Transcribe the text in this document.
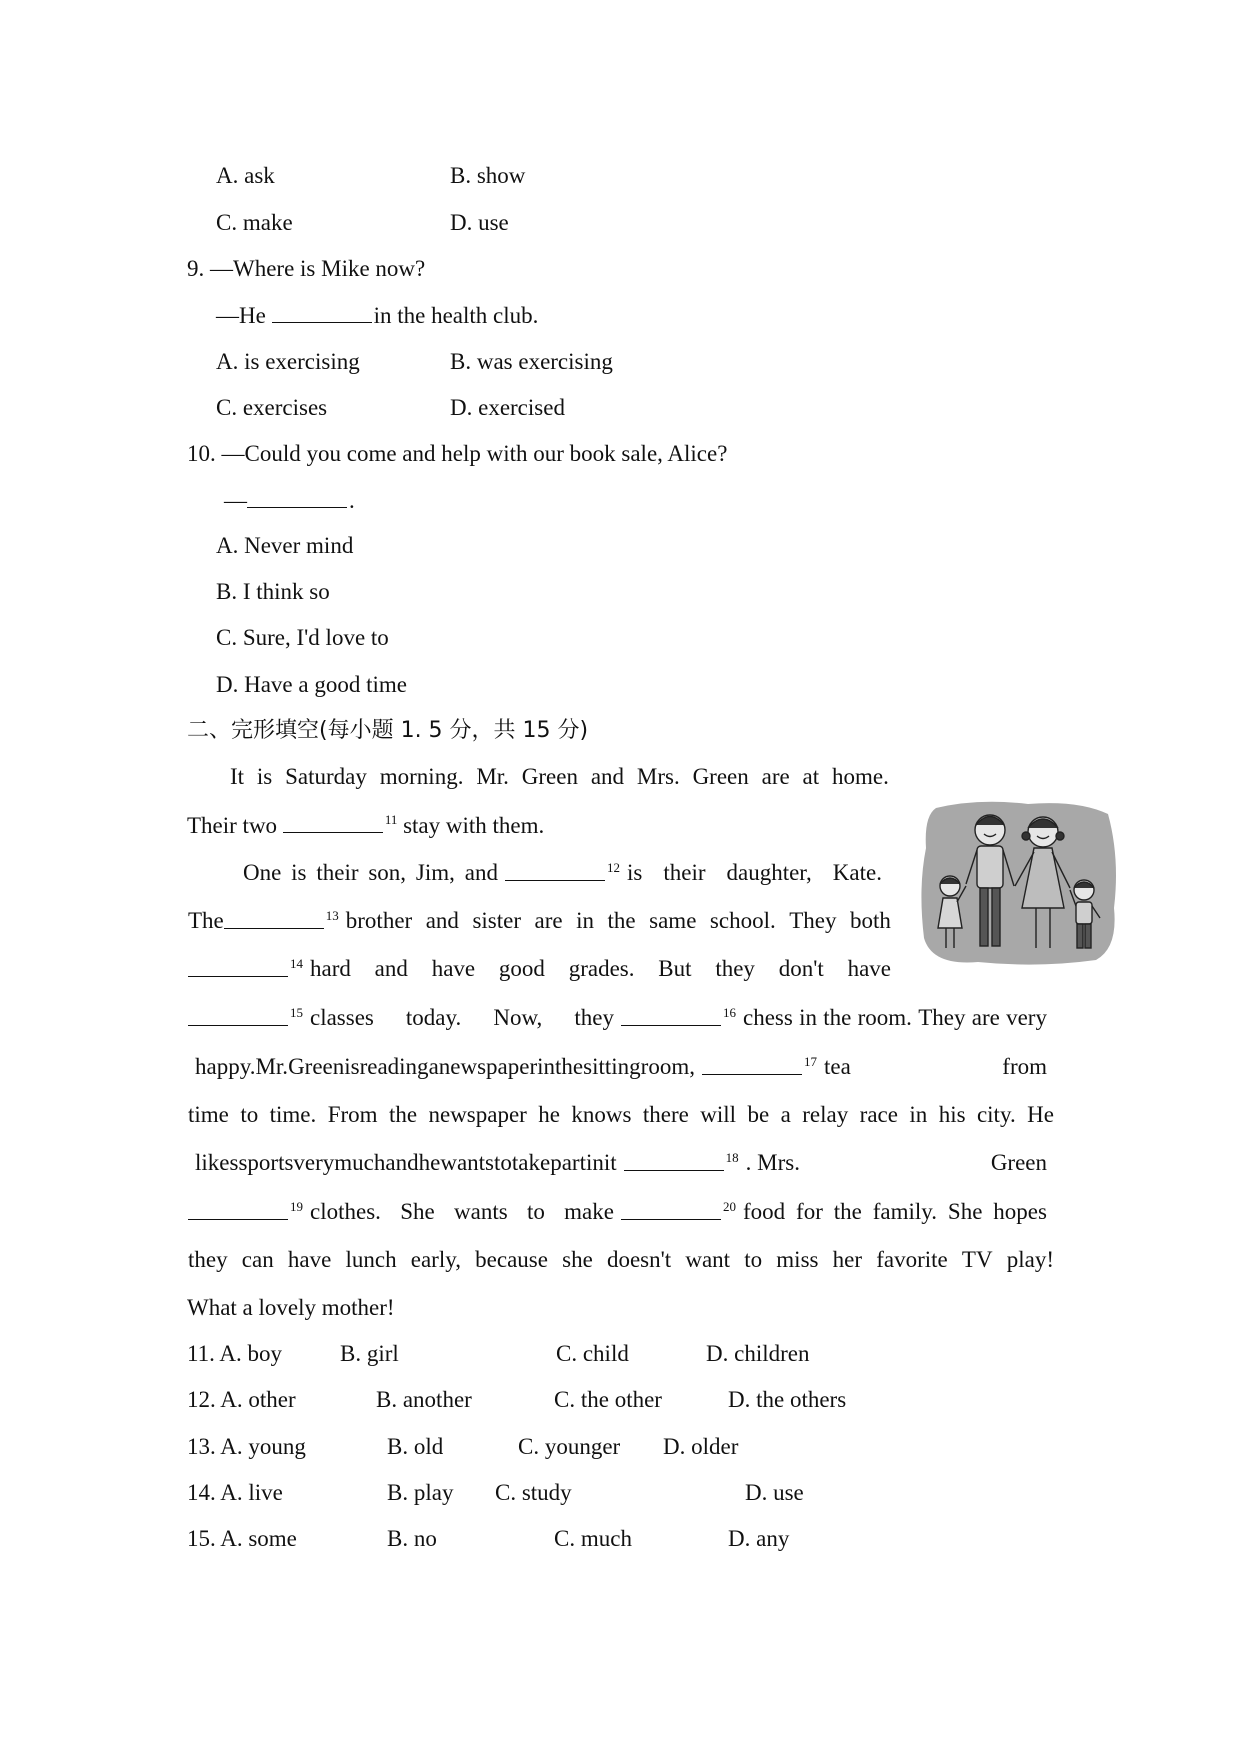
A. ask	B. show
C. make	D. use
9. —Where is Mike now?
—He	in the health club.
A. is exercising	B. was exercising
C. exercises	D. exercised
10. —Could you come and help with our book sale, Alice?
—	.
A. Never mind
B. I think so
C. Sure, I'd love to
D. Have a good time
二、完形填空(每小题 1. 5 分，共 15 分)
It is Saturday morning. Mr. Green and Mrs. Green are at home.
Their two	$^{11}$ stay with them.
One is their son, Jim, and	$^{12}$ is their daughter, Kate.
The	$^{13}$ brother and sister are in the same school. They both
$^{14}$ hard and have good grades. But they don't have
$^{15}$ classes today. Now, they	$^{16}$ chess in the room. They are very
happy. Mr. Green is reading a newspaper in the sitting room,	$^{17}$ tea	from
time to time. From the newspaper he knows there will be a relay race in his city. He
likes sports very much and he wants to take part in it	$^{18}$ . Mrs.	Green
$^{19}$ clothes. She wants to make	$^{20}$ food for the family. She hopes
they can have lunch early, because she doesn't want to miss her favorite TV play!
What a lovely mother!
11. A. boy	B. girl	C. child	D. children
12. A. other	B. another	C. the other	D. the others
13. A. young	B. old	C. younger D. older
14. A. live	B. play C. study	D. use
15. A. some	B. no	C. much	D. any
